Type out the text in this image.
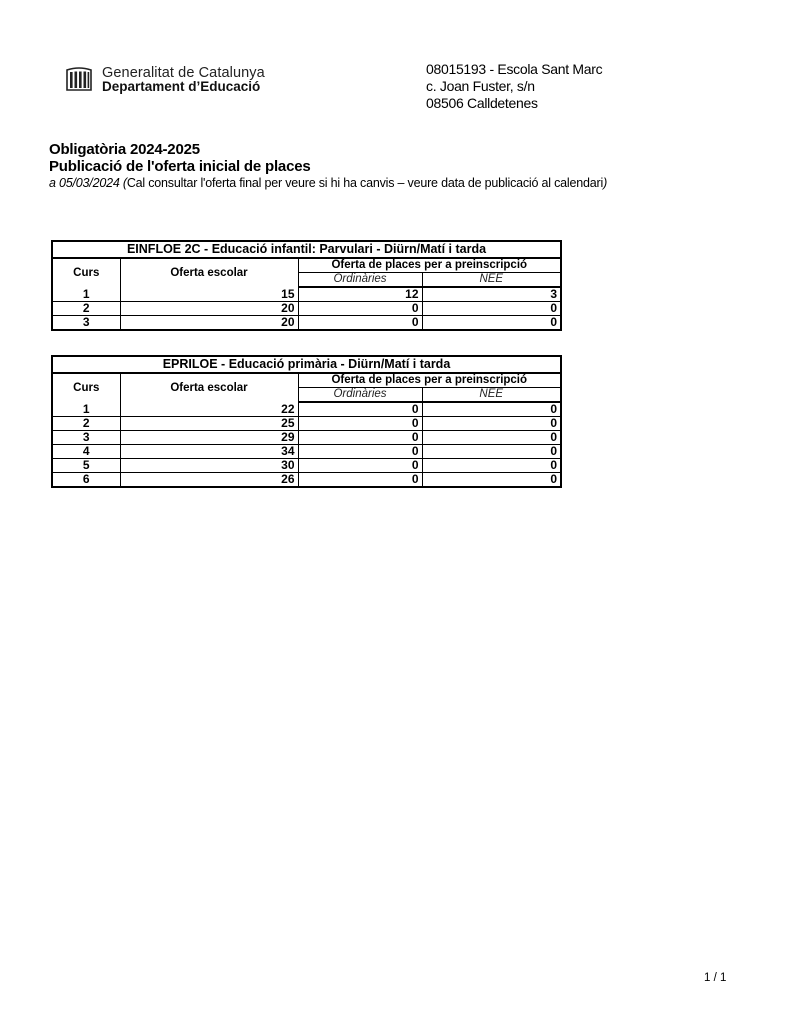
Generalitat de Catalunya
Departament d’Educació
08015193 - Escola Sant Marc
c. Joan Fuster, s/n
08506 Calldetenes
Obligatòria 2024-2025
Publicació de l'oferta inicial de places
a 05/03/2024 (Cal consultar l'oferta final per veure si hi ha canvis – veure data de publicació al calendari)
EINFLOE 2C - Educació infantil: Parvulari - Diürn/Matí i tarda			
Curs	Oferta escolar	Oferta de places per a preinscripció	
		Ordinàries	NEE
1	15	12	3
2	20	0	0
3	20	0	0
EPRILOE - Educació primària - Diürn/Matí i tarda			
Curs	Oferta escolar	Oferta de places per a preinscripció	
		Ordinàries	NEE
1	22	0	0
2	25	0	0
3	29	0	0
4	34	0	0
5	30	0	0
6	26	0	0
1 / 1
